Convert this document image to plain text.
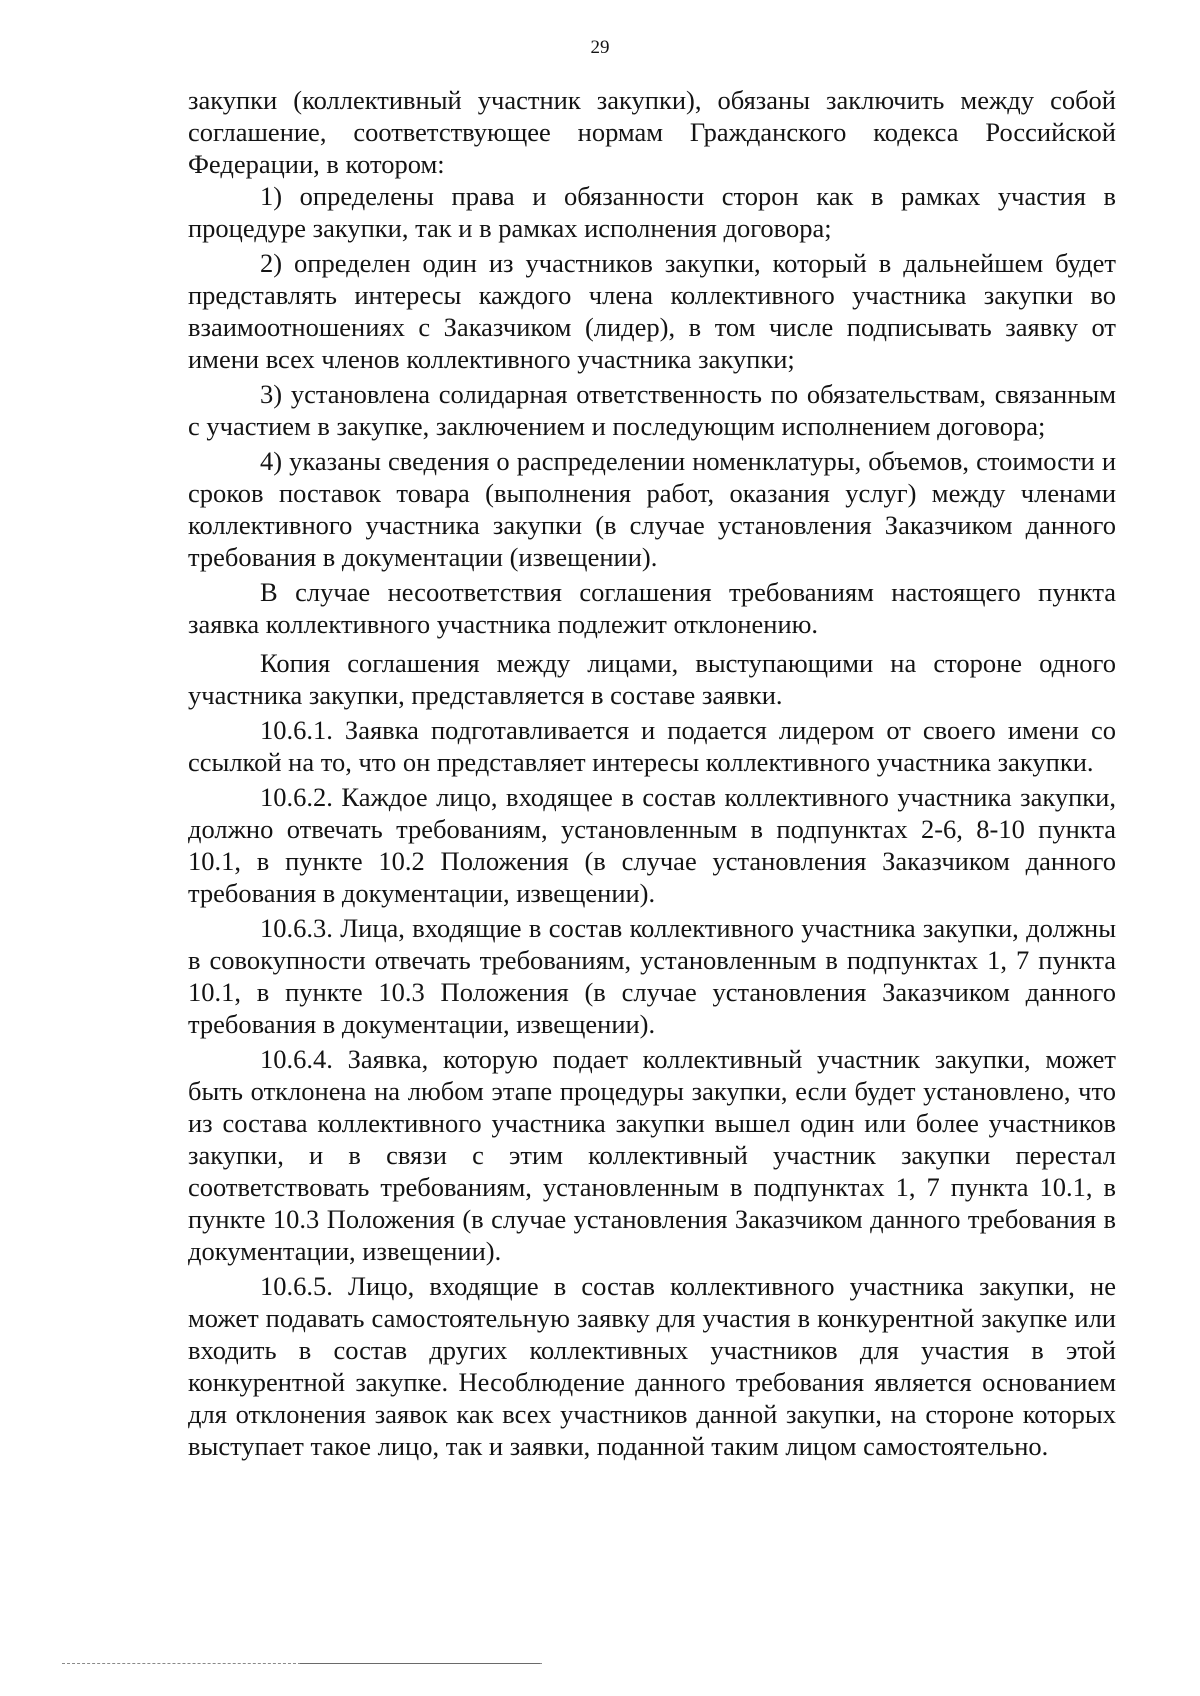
29

закупки (коллективный участник закупки), обязаны заключить между собой соглашение, соответствующее нормам Гражданского кодекса Российской Федерации, в котором:

1) определены права и обязанности сторон как в рамках участия в процедуре закупки, так и в рамках исполнения договора;

2) определен один из участников закупки, который в дальнейшем будет представлять интересы каждого члена коллективного участника закупки во взаимоотношениях с Заказчиком (лидер), в том числе подписывать заявку от имени всех членов коллективного участника закупки;

3) установлена солидарная ответственность по обязательствам, связанным с участием в закупке, заключением и последующим исполнением договора;

4) указаны сведения о распределении номенклатуры, объемов, стоимости и сроков поставок товара (выполнения работ, оказания услуг) между членами коллективного участника закупки (в случае установления Заказчиком данного требования в документации (извещении).

В случае несоответствия соглашения требованиям настоящего пункта заявка коллективного участника подлежит отклонению.

Копия соглашения между лицами, выступающими на стороне одного участника закупки, представляется в составе заявки.

10.6.1. Заявка подготавливается и подается лидером от своего имени со ссылкой на то, что он представляет интересы коллективного участника закупки.

10.6.2. Каждое лицо, входящее в состав коллективного участника закупки, должно отвечать требованиям, установленным в подпунктах 2-6, 8-10 пункта 10.1, в пункте 10.2 Положения (в случае установления Заказчиком данного требования в документации, извещении).

10.6.3. Лица, входящие в состав коллективного участника закупки, должны в совокупности отвечать требованиям, установленным в подпунктах 1, 7 пункта 10.1, в пункте 10.3 Положения (в случае установления Заказчиком данного требования в документации, извещении).

10.6.4. Заявка, которую подает коллективный участник закупки, может быть отклонена на любом этапе процедуры закупки, если будет установлено, что из состава коллективного участника закупки вышел один или более участников закупки, и в связи с этим коллективный участник закупки перестал соответствовать требованиям, установленным в подпунктах 1, 7 пункта 10.1, в пункте 10.3 Положения (в случае установления Заказчиком данного требования в документации, извещении).

10.6.5. Лицо, входящие в состав коллективного участника закупки, не может подавать самостоятельную заявку для участия в конкурентной закупке или входить в состав других коллективных участников для участия в этой конкурентной закупке. Несоблюдение данного требования является основанием для отклонения заявок как всех участников данной закупки, на стороне которых выступает такое лицо, так и заявки, поданной таким лицом самостоятельно.
